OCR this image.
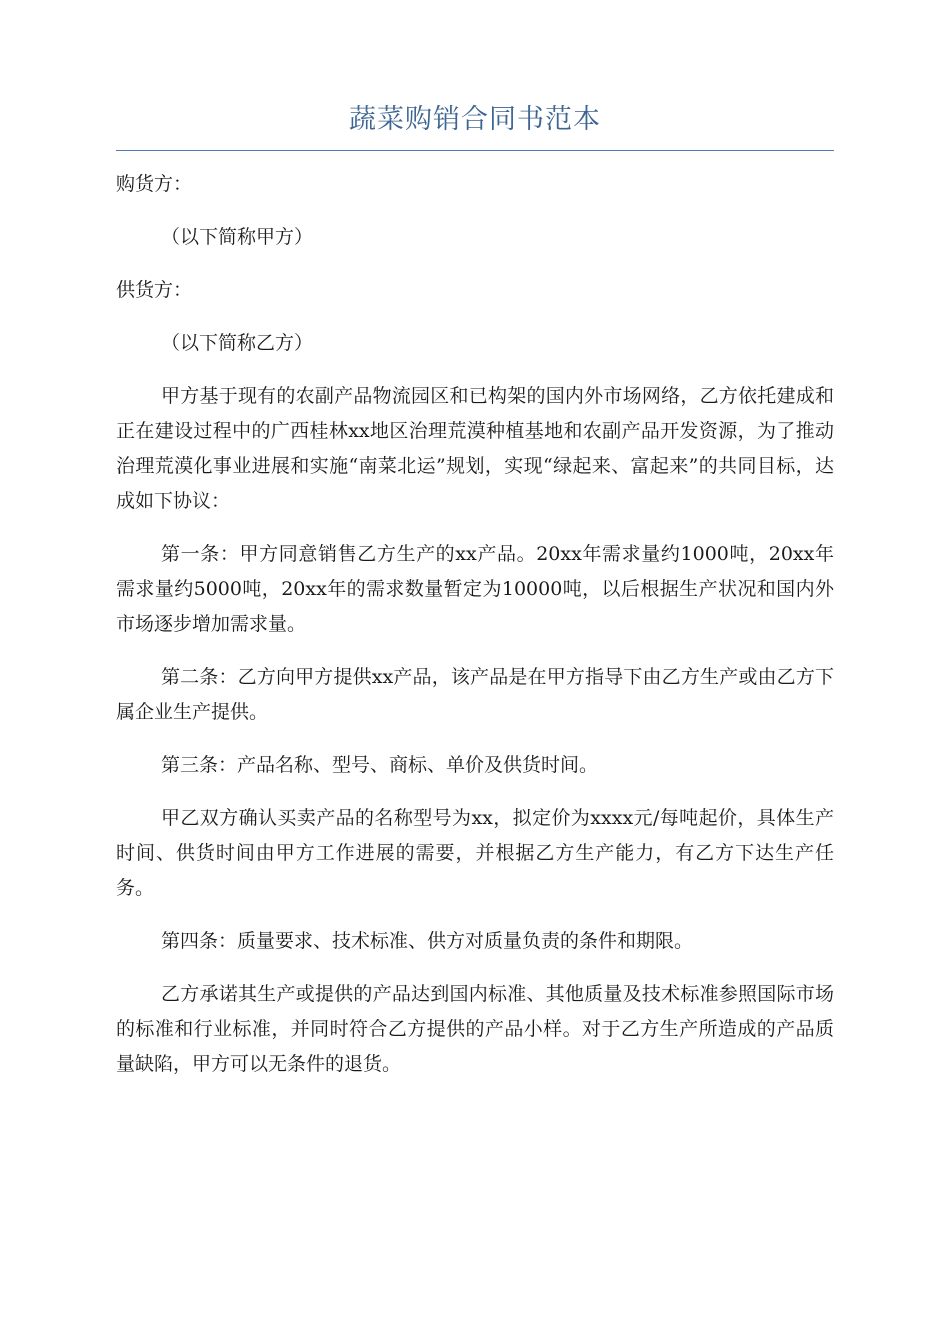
蔬菜购销合同书范本

购货方：

（以下简称甲方）

供货方：

（以下简称乙方）

甲方基于现有的农副产品物流园区和已构架的国内外市场网络，乙方依托建成和正在建设过程中的广西桂林xx地区治理荒漠种植基地和农副产品开发资源，为了推动治理荒漠化事业进展和实施“南菜北运”规划，实现“绿起来、富起来”的共同目标，达成如下协议：

第一条：甲方同意销售乙方生产的xx产品。20xx年需求量约1000吨，20xx年需求量约5000吨，20xx年的需求数量暂定为10000吨，以后根据生产状况和国内外市场逐步增加需求量。

第二条：乙方向甲方提供xx产品，该产品是在甲方指导下由乙方生产或由乙方下属企业生产提供。

第三条：产品名称、型号、商标、单价及供货时间。

甲乙双方确认买卖产品的名称型号为xx，拟定价为xxxx元/每吨起价，具体生产时间、供货时间由甲方工作进展的需要，并根据乙方生产能力，有乙方下达生产任务。

第四条：质量要求、技术标准、供方对质量负责的条件和期限。

乙方承诺其生产或提供的产品达到国内标准、其他质量及技术标准参照国际市场的标准和行业标准，并同时符合乙方提供的产品小样。对于乙方生产所造成的产品质量缺陷，甲方可以无条件的退货。
